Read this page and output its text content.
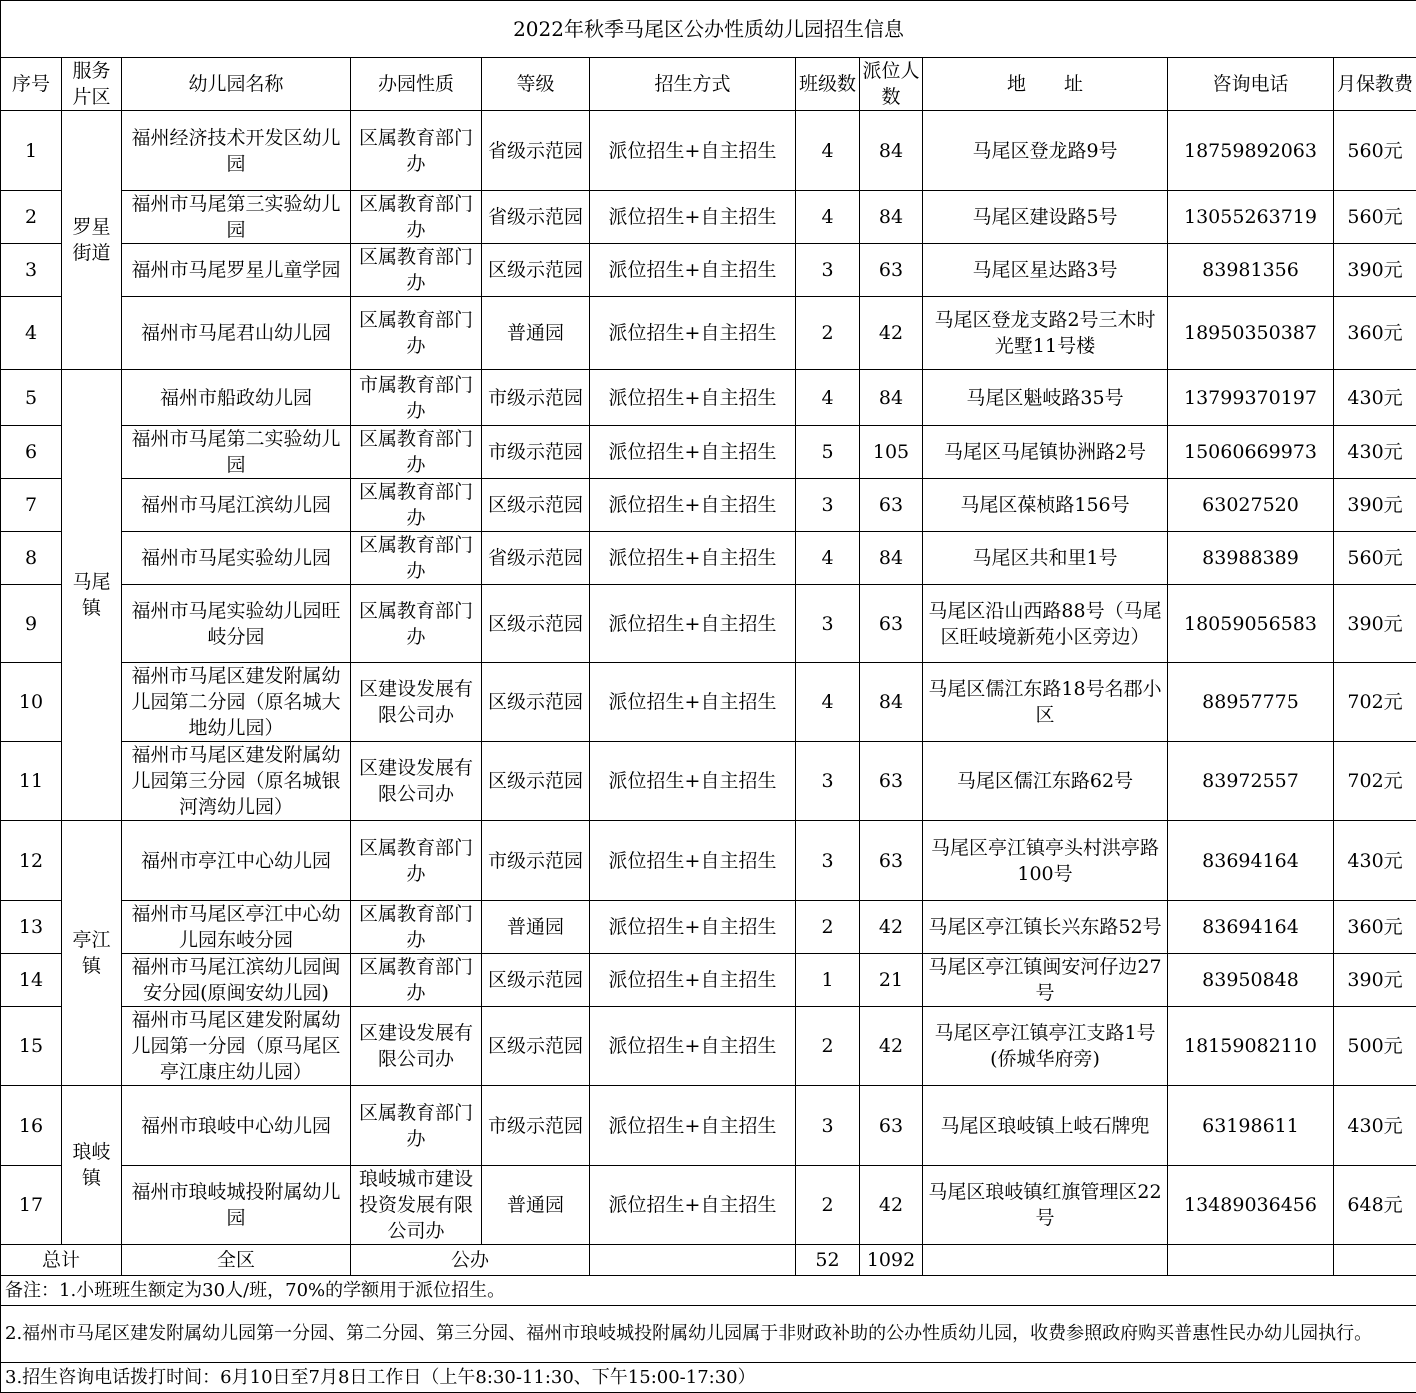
2022年秋季马尾区公办性质幼儿园招生信息										
序号	服务片区	幼儿园名称	办园性质	等级	招生方式	班级数	派位人数	地　　址	咨询电话	月保教费
1	罗星街道	福州经济技术开发区幼儿园	区属教育部门办	省级示范园	派位招生+自主招生	4	84	马尾区登龙路9号	18759892063	560元
2		福州市马尾第三实验幼儿园	区属教育部门办	省级示范园	派位招生+自主招生	4	84	马尾区建设路5号	13055263719	560元
3		福州市马尾罗星儿童学园	区属教育部门办	区级示范园	派位招生+自主招生	3	63	马尾区星达路3号	83981356	390元
4		福州市马尾君山幼儿园	区属教育部门办	普通园	派位招生+自主招生	2	42	马尾区登龙支路2号三木时光墅11号楼	18950350387	360元
5	马尾镇	福州市船政幼儿园	市属教育部门办	市级示范园	派位招生+自主招生	4	84	马尾区魁岐路35号	13799370197	430元
6		福州市马尾第二实验幼儿园	区属教育部门办	市级示范园	派位招生+自主招生	5	105	马尾区马尾镇协洲路2号	15060669973	430元
7		福州市马尾江滨幼儿园	区属教育部门办	区级示范园	派位招生+自主招生	3	63	马尾区葆桢路156号	63027520	390元
8		福州市马尾实验幼儿园	区属教育部门办	省级示范园	派位招生+自主招生	4	84	马尾区共和里1号	83988389	560元
9		福州市马尾实验幼儿园旺岐分园	区属教育部门办	区级示范园	派位招生+自主招生	3	63	马尾区沿山西路88号（马尾区旺岐境新苑小区旁边）	18059056583	390元
10		福州市马尾区建发附属幼儿园第二分园（原名城大地幼儿园）	区建设发展有限公司办	区级示范园	派位招生+自主招生	4	84	马尾区儒江东路18号名郡小区	88957775	702元
11		福州市马尾区建发附属幼儿园第三分园（原名城银河湾幼儿园）	区建设发展有限公司办	区级示范园	派位招生+自主招生	3	63	马尾区儒江东路62号	83972557	702元
12	亭江镇	福州市亭江中心幼儿园	区属教育部门办	市级示范园	派位招生+自主招生	3	63	马尾区亭江镇亭头村洪亭路100号	83694164	430元
13		福州市马尾区亭江中心幼儿园东岐分园	区属教育部门办	普通园	派位招生+自主招生	2	42	马尾区亭江镇长兴东路52号	83694164	360元
14		福州市马尾江滨幼儿园闽安分园(原闽安幼儿园)	区属教育部门办	区级示范园	派位招生+自主招生	1	21	马尾区亭江镇闽安河仔边27号	83950848	390元
15		福州市马尾区建发附属幼儿园第一分园（原马尾区亭江康庄幼儿园）	区建设发展有限公司办	区级示范园	派位招生+自主招生	2	42	马尾区亭江镇亭江支路1号(侨城华府旁)	18159082110	500元
16	琅岐镇	福州市琅岐中心幼儿园	区属教育部门办	市级示范园	派位招生+自主招生	3	63	马尾区琅岐镇上岐石牌兜	63198611	430元
17		福州市琅岐城投附属幼儿园	琅岐城市建设投资发展有限公司办	普通园	派位招生+自主招生	2	42	马尾区琅岐镇红旗管理区22号	13489036456	648元
总计		全区	公办			52	1092			
备注：1.小班班生额定为30人/班，70%的学额用于派位招生。										
2.福州市马尾区建发附属幼儿园第一分园、第二分园、第三分园、福州市琅岐城投附属幼儿园属于非财政补助的公办性质幼儿园，收费参照政府购买普惠性民办幼儿园执行。										
3.招生咨询电话拨打时间：6月10日至7月8日工作日（上午8:30-11:30、下午15:00-17:30）										
